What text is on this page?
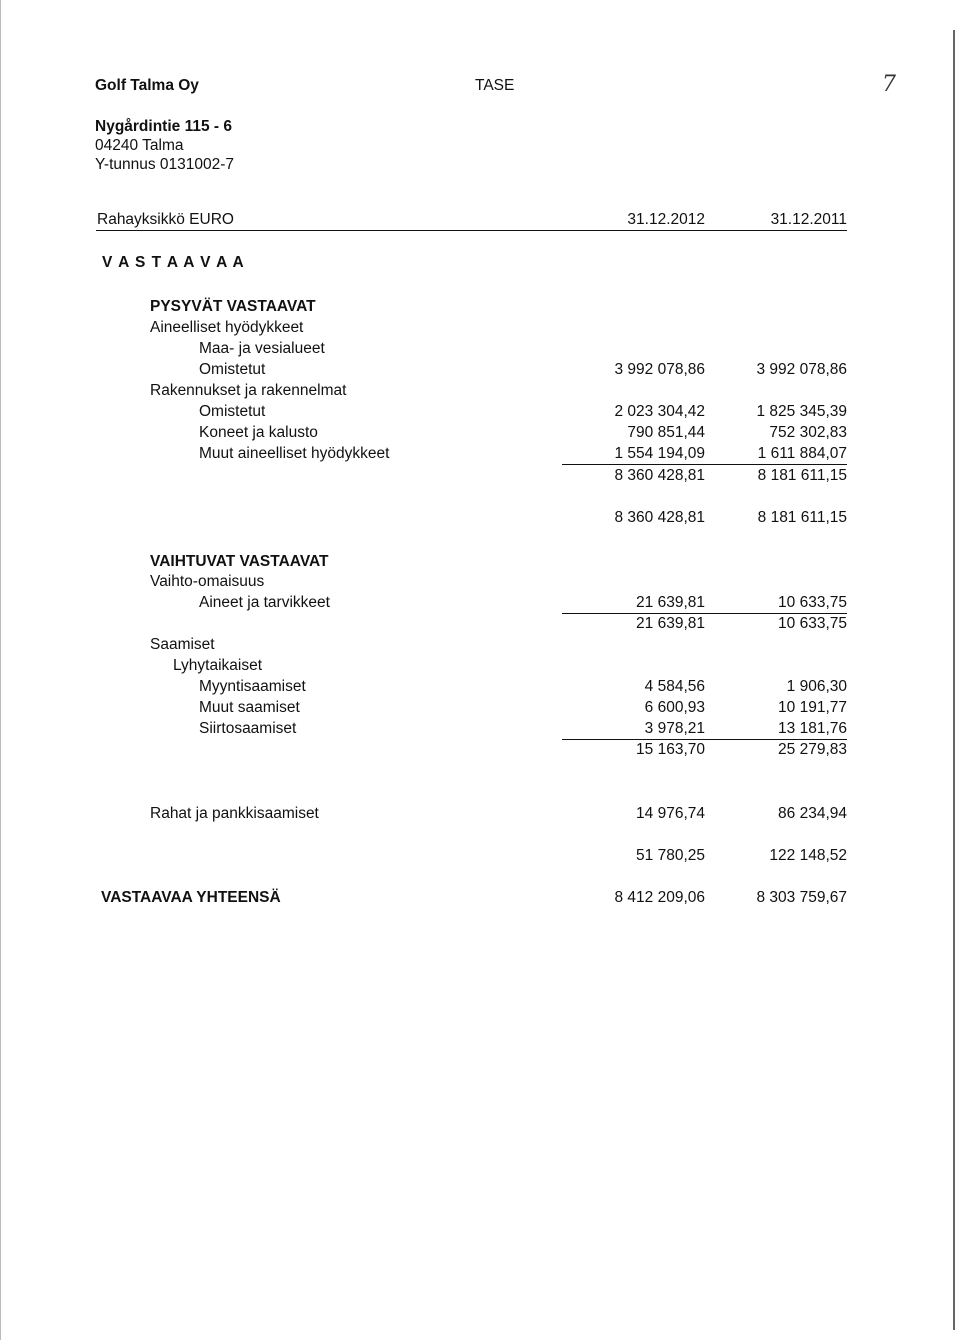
Golf Talma Oy	TASE	7
Nygårdintie 115 - 6
04240 Talma
Y-tunnus 0131002-7
Rahayksikkö EURO	31.12.2012	31.12.2011
V A S T A A V A A
PYSYVÄT VASTAAVAT
Aineelliset hyödykkeet
Maa- ja vesialueet
Omistetut	3 992 078,86	3 992 078,86
Rakennukset ja rakennelmat
Omistetut	2 023 304,42	1 825 345,39
Koneet ja kalusto	790 851,44	752 302,83
Muut aineelliset hyödykkeet	1 554 194,09	1 611 884,07
8 360 428,81	8 181 611,15
8 360 428,81	8 181 611,15
VAIHTUVAT VASTAAVAT
Vaihto-omaisuus
Aineet ja tarvikkeet	21 639,81	10 633,75
21 639,81	10 633,75
Saamiset
Lyhytaikaiset
Myyntisaamiset	4 584,56	1 906,30
Muut saamiset	6 600,93	10 191,77
Siirtosaamiset	3 978,21	13 181,76
15 163,70	25 279,83
Rahat ja pankkisaamiset	14 976,74	86 234,94
51 780,25	122 148,52
VASTAAVAA YHTEENSÄ	8 412 209,06	8 303 759,67
